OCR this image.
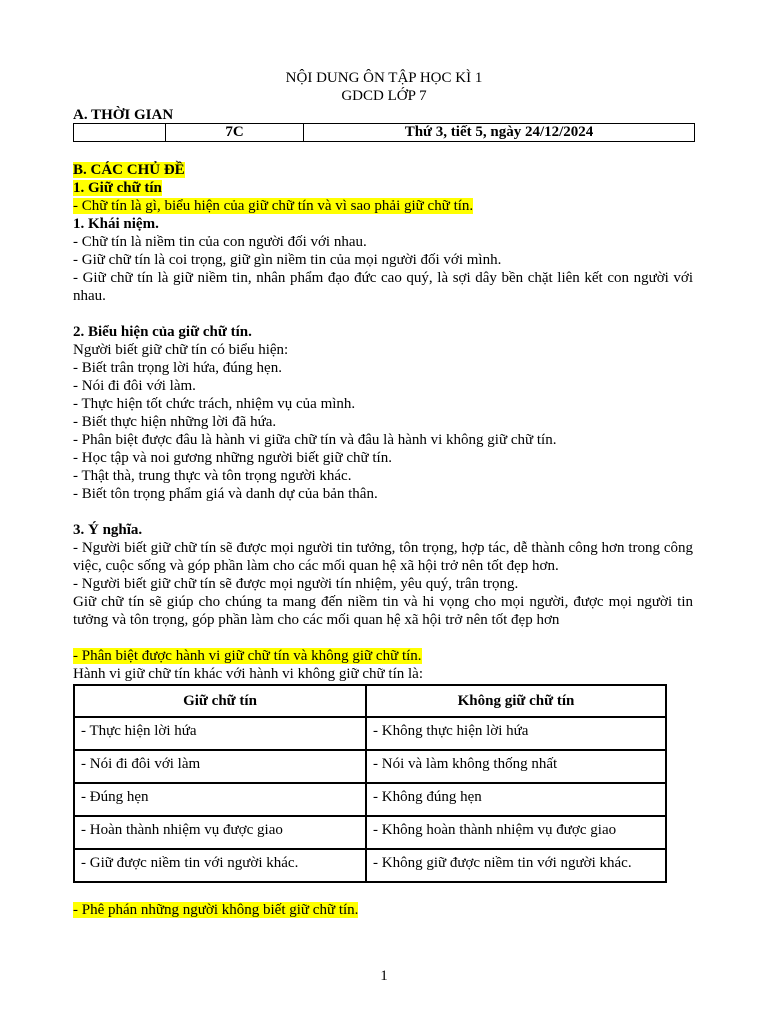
NỘI DUNG ÔN TẬP HỌC KÌ 1
GDCD LỚP 7
A. THỜI GIAN
	7C	Thứ 3, tiết 5, ngày 24/12/2024

B. CÁC CHỦ ĐỀ

1. Giữ chữ tín

- Chữ tín là gì, biểu hiện của giữ chữ tín và vì sao phải giữ chữ tín.

1. Khái niệm.

- Chữ tín là niềm tin của con người đối với nhau.

- Giữ chữ tín là coi trọng, giữ gìn niềm tin của mọi người đối với mình.

- Giữ chữ tín là giữ niềm tin, nhân phẩm đạo đức cao quý, là sợi dây bền chặt liên kết con người với nhau.

2. Biểu hiện của giữ chữ tín.

Người biết giữ chữ tín có biểu hiện:

- Biết trân trọng lời hứa, đúng hẹn.

- Nói đi đôi với làm.

- Thực hiện tốt chức trách, nhiệm vụ của mình.

- Biết thực hiện những lời đã hứa.

- Phân biệt được đâu là hành vi giữa chữ tín và đâu là hành vi không giữ chữ tín.

- Học tập và noi gương những người biết giữ chữ tín.

- Thật thà, trung thực và tôn trọng người khác.

- Biết tôn trọng phẩm giá và danh dự của bản thân.

3. Ý nghĩa.

- Người biết giữ chữ tín sẽ được mọi người tin tưởng, tôn trọng, hợp tác, dễ thành công hơn trong công việc, cuộc sống và góp phần làm cho các mối quan hệ xã hội trở nên tốt đẹp hơn.

- Người biết giữ chữ tín sẽ được mọi người tín nhiệm, yêu quý, trân trọng.

Giữ chữ tín sẽ giúp cho chúng ta mang đến niềm tin và hi vọng cho mọi người, được mọi người tin tưởng và tôn trọng, góp phần làm cho các mối quan hệ xã hội trở nên tốt đẹp hơn

- Phân biệt được hành vi giữ chữ tín và không giữ chữ tín.

Hành vi giữ chữ tín khác với hành vi không giữ chữ tín là:

Giữ chữ tín	Không giữ chữ tín
- Thực hiện lời hứa	- Không thực hiện lời hứa
- Nói đi đôi với làm	- Nói và làm không thống nhất
- Đúng hẹn	- Không đúng hẹn
- Hoàn thành nhiệm vụ được giao	- Không hoàn thành nhiệm vụ được giao
- Giữ được niềm tin với người khác.	- Không giữ được niềm tin với người khác.

- Phê phán những người không biết giữ chữ tín.

1
